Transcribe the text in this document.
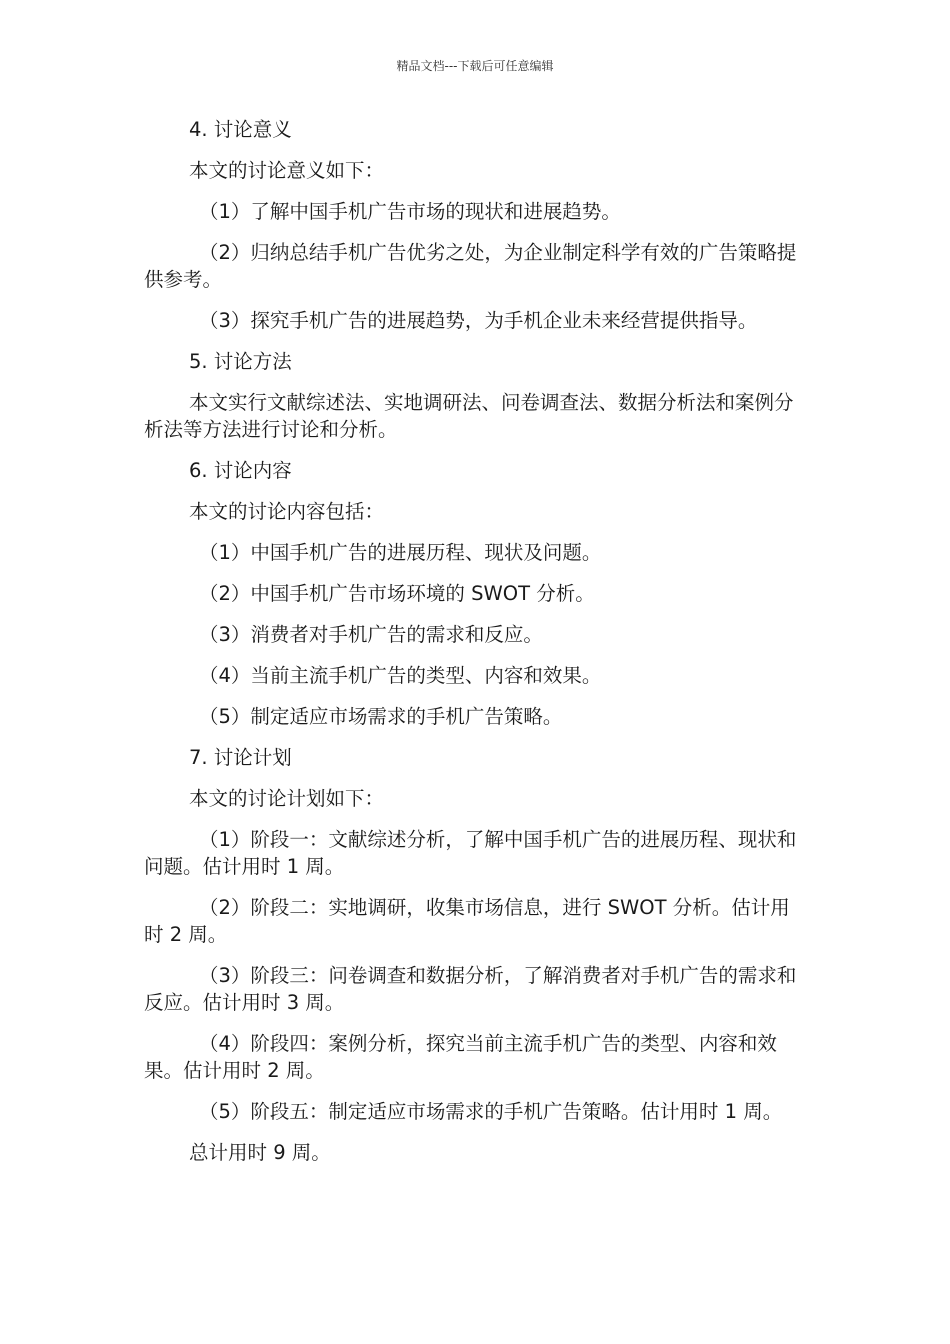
精品文档---下载后可任意编辑

4. 讨论意义

本文的讨论意义如下：

（1）了解中国手机广告市场的现状和进展趋势。

（2）归纳总结手机广告优劣之处，为企业制定科学有效的广告策略提供参考。

（3）探究手机广告的进展趋势，为手机企业未来经营提供指导。

5. 讨论方法

本文实行文献综述法、实地调研法、问卷调查法、数据分析法和案例分析法等方法进行讨论和分析。

6. 讨论内容

本文的讨论内容包括：

（1）中国手机广告的进展历程、现状及问题。

（2）中国手机广告市场环境的 SWOT 分析。

（3）消费者对手机广告的需求和反应。

（4）当前主流手机广告的类型、内容和效果。

（5）制定适应市场需求的手机广告策略。

7. 讨论计划

本文的讨论计划如下：

（1）阶段一：文献综述分析，了解中国手机广告的进展历程、现状和问题。估计用时 1 周。

（2）阶段二：实地调研，收集市场信息，进行 SWOT 分析。估计用时 2 周。

（3）阶段三：问卷调查和数据分析，了解消费者对手机广告的需求和反应。估计用时 3 周。

（4）阶段四：案例分析，探究当前主流手机广告的类型、内容和效果。估计用时 2 周。

（5）阶段五：制定适应市场需求的手机广告策略。估计用时 1 周。

总计用时 9 周。
